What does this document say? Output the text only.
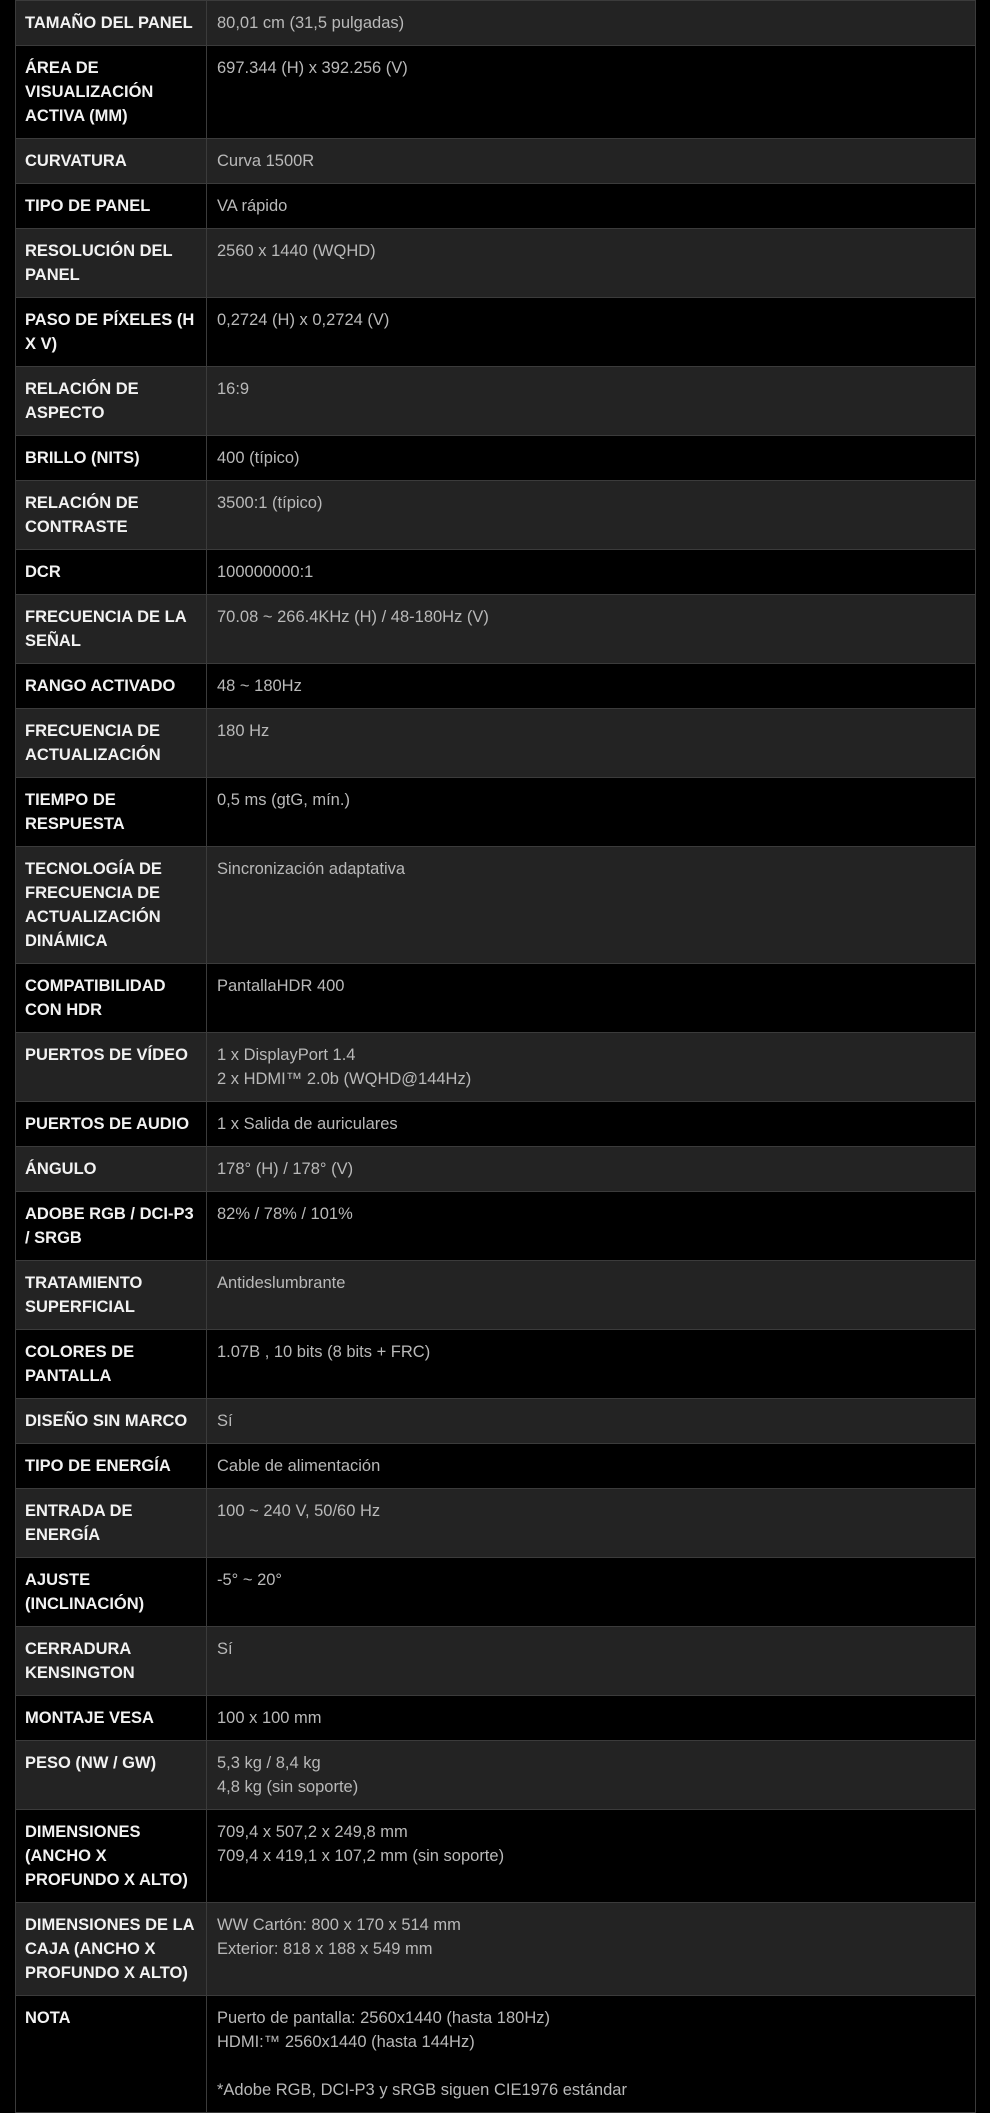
TAMAÑO DEL PANEL	80,01 cm (31,5 pulgadas)

ÁREA DE VISUALIZACIÓN ACTIVA (MM)	697.344 (H) x 392.256 (V)

CURVATURA	Curva 1500R

TIPO DE PANEL	VA rápido

RESOLUCIÓN DEL PANEL	2560 x 1440 (WQHD)

PASO DE PÍXELES (H X V)	0,2724 (H) x 0,2724 (V)

RELACIÓN DE ASPECTO	16:9

BRILLO (NITS)	400 (típico)

RELACIÓN DE CONTRASTE	3500:1 (típico)

DCR	100000000:1

FRECUENCIA DE LA SEÑAL	70.08 ~ 266.4KHz (H) / 48-180Hz (V)

RANGO ACTIVADO	48 ~ 180Hz

FRECUENCIA DE ACTUALIZACIÓN	180 Hz

TIEMPO DE RESPUESTA	0,5 ms (gtG, mín.)

TECNOLOGÍA DE FRECUENCIA DE ACTUALIZACIÓN DINÁMICA	Sincronización adaptativa

COMPATIBILIDAD CON HDR	PantallaHDR 400

PUERTOS DE VÍDEO	1 x DisplayPort 1.4
2 x HDMI™ 2.0b (WQHD@144Hz)

PUERTOS DE AUDIO	1 x Salida de auriculares

ÁNGULO	178° (H) / 178° (V)

ADOBE RGB / DCI-P3 / SRGB	82% / 78% / 101%

TRATAMIENTO SUPERFICIAL	Antideslumbrante

COLORES DE PANTALLA	1.07B , 10 bits (8 bits + FRC)

DISEÑO SIN MARCO	Sí

TIPO DE ENERGÍA	Cable de alimentación

ENTRADA DE ENERGÍA	100 ~ 240 V, 50/60 Hz

AJUSTE (INCLINACIÓN)	-5° ~ 20°

CERRADURA KENSINGTON	Sí

MONTAJE VESA	100 x 100 mm

PESO (NW / GW)	5,3 kg / 8,4 kg
4,8 kg (sin soporte)

DIMENSIONES (ANCHO X PROFUNDO X ALTO)	709,4 x 507,2 x 249,8 mm
709,4 x 419,1 x 107,2 mm (sin soporte)

DIMENSIONES DE LA CAJA (ANCHO X PROFUNDO X ALTO)	WW Cartón: 800 x 170 x 514 mm
Exterior: 818 x 188 x 549 mm

NOTA	Puerto de pantalla: 2560x1440 (hasta 180Hz)
HDMI:™ 2560x1440 (hasta 144Hz)
*Adobe RGB, DCI-P3 y sRGB siguen CIE1976 estándar
